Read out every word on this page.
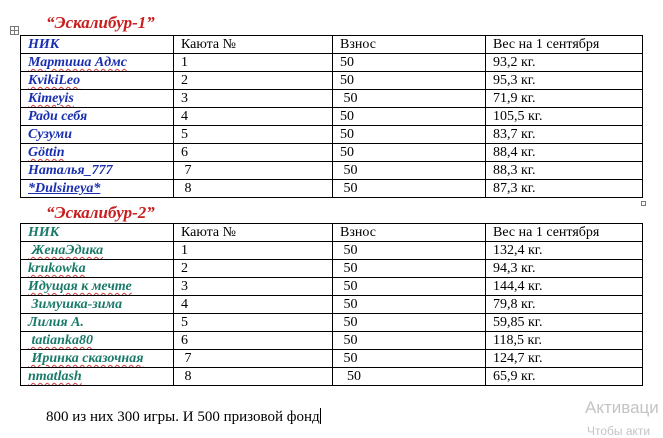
“Эскалибур-1”
НИК	Каюта №	Взнос	Вес на 1 сентября
Мартиша Адмс	1	50	93,2 кг.
KvikiLeo	2	50	95,3 кг.
Kimeyis	3	50	71,9 кг.
Ради себя	4	50	105,5 кг.
Сузуми	5	50	83,7 кг.
Göttin	6	50	88,4 кг.
Наталья_777	7	50	88,3 кг.
*Dulsineya*	8	50	87,3 кг.
“Эскалибур-2”
НИК	Каюта №	Взнос	Вес на 1 сентября
ЖенаЭдика	1	50	132,4 кг.
krukowka	2	50	94,3 кг.
Идущая к мечте	3	50	144,4 кг.
Зимушка-зима	4	50	79,8 кг.
Лилия А.	5	50	59,85 кг.
tatianka80	6	50	118,5 кг.
Иринка сказочная	7	50	124,7 кг.
nmatlash	8	50	65,9 кг.
800 из них 300 игры. И 500 призовой фонд	Активаци
Чтобы акти
